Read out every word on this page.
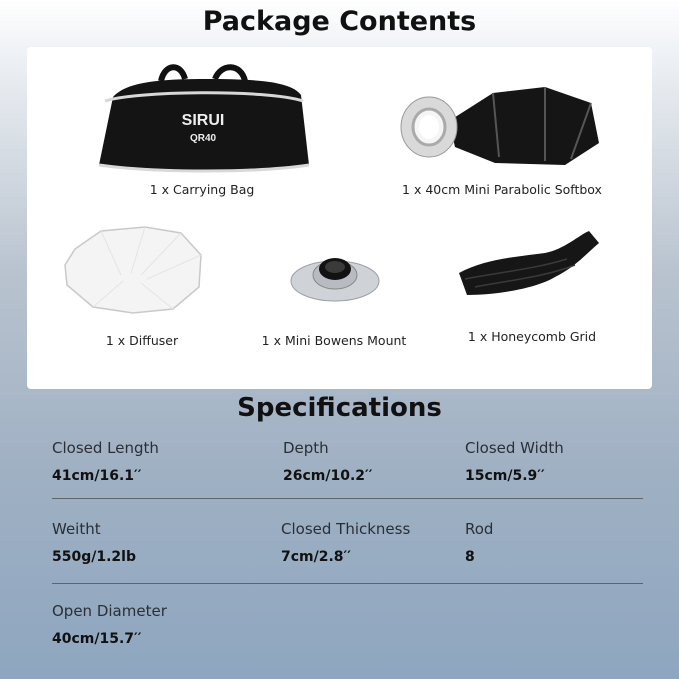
Package Contents
SIRUI
QR40
1 x Carrying Bag	1 x 40cm Mini Parabolic Softbox
1 x Diffuser	1 x Mini Bowens Mount	1 x Honeycomb Grid
Specifications
Closed Length
41cm/16.1′′
Depth
26cm/10.2′′
Closed Width
15cm/5.9′′
Weitht
550g/1.2lb
Closed Thickness
7cm/2.8′′
Rod
8
Open Diameter
40cm/15.7′′
